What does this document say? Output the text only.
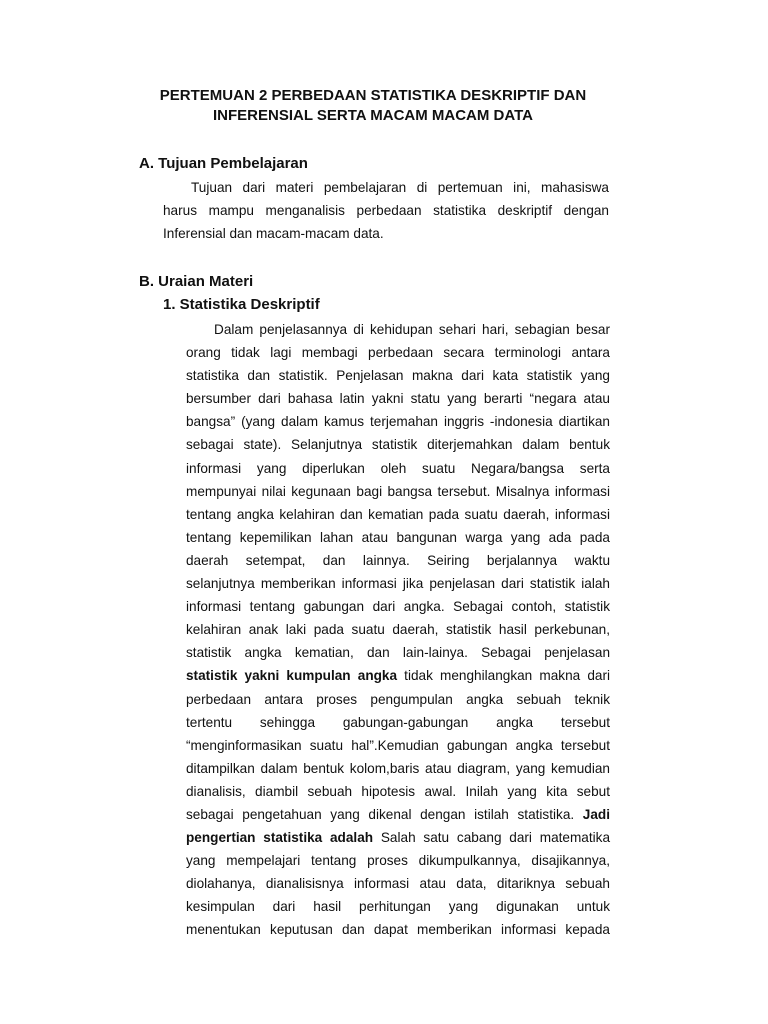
PERTEMUAN 2 PERBEDAAN STATISTIKA DESKRIPTIF DAN
INFERENSIAL SERTA MACAM MACAM DATA
A. Tujuan Pembelajaran
Tujuan dari materi pembelajaran di pertemuan ini, mahasiswa
harus mampu menganalisis perbedaan statistika deskriptif dengan
Inferensial dan macam-macam data.
B. Uraian Materi
1. Statistika Deskriptif
Dalam penjelasannya di kehidupan sehari hari, sebagian besar
orang tidak lagi membagi perbedaan secara terminologi antara
statistika dan statistik. Penjelasan makna dari kata statistik yang
bersumber dari bahasa latin yakni statu yang berarti “negara atau
bangsa” (yang dalam kamus terjemahan inggris -indonesia diartikan
sebagai state). Selanjutnya statistik diterjemahkan dalam bentuk
informasi yang diperlukan oleh suatu Negara/bangsa serta
mempunyai nilai kegunaan bagi bangsa tersebut. Misalnya informasi
tentang angka kelahiran dan kematian pada suatu daerah, informasi
tentang kepemilikan lahan atau bangunan warga yang ada pada
daerah setempat, dan lainnya. Seiring berjalannya waktu
selanjutnya memberikan informasi jika penjelasan dari statistik ialah
informasi tentang gabungan dari angka. Sebagai contoh, statistik
kelahiran anak laki pada suatu daerah, statistik hasil perkebunan,
statistik angka kematian, dan lain-lainya. Sebagai penjelasan
statistik yakni kumpulan angka tidak menghilangkan makna dari
perbedaan antara proses pengumpulan angka sebuah teknik
tertentu sehingga gabungan-gabungan angka tersebut
“menginformasikan suatu hal”.Kemudian gabungan angka tersebut
ditampilkan dalam bentuk kolom,baris atau diagram, yang kemudian
dianalisis, diambil sebuah hipotesis awal. Inilah yang kita sebut
sebagai pengetahuan yang dikenal dengan istilah statistika. Jadi
pengertian statistika adalah Salah satu cabang dari matematika
yang mempelajari tentang proses dikumpulkannya, disajikannya,
diolahanya, dianalisisnya informasi atau data, ditariknya sebuah
kesimpulan dari hasil perhitungan yang digunakan untuk
menentukan keputusan dan dapat memberikan informasi kepada
